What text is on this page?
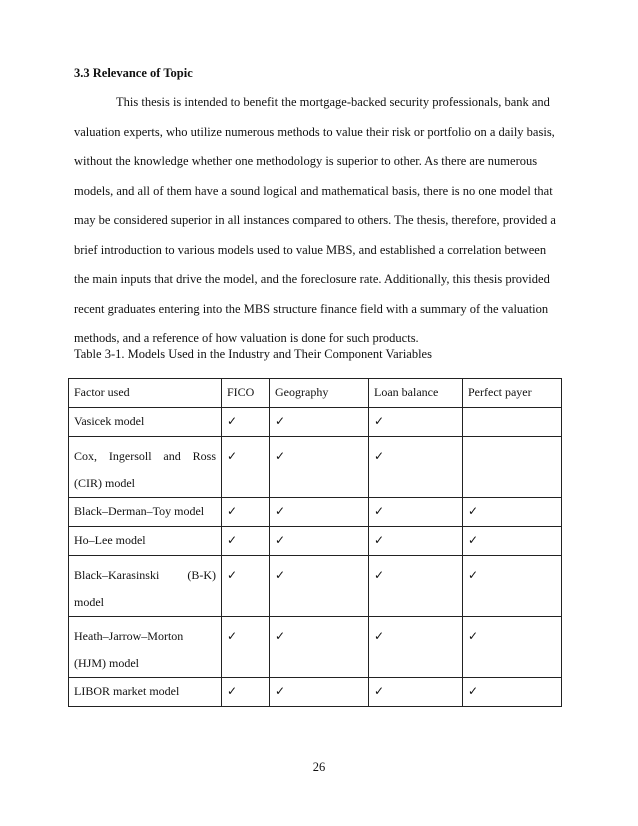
3.3 Relevance of Topic

This thesis is intended to benefit the mortgage-backed security professionals, bank and
valuation experts, who utilize numerous methods to value their risk or portfolio on a daily basis,
without the knowledge whether one methodology is superior to other. As there are numerous
models, and all of them have a sound logical and mathematical basis, there is no one model that
may be considered superior in all instances compared to others. The thesis, therefore, provided a
brief introduction to various models used to value MBS, and established a correlation between
the main inputs that drive the model, and the foreclosure rate. Additionally, this thesis provided
recent graduates entering into the MBS structure finance field with a summary of the valuation
methods, and a reference of how valuation is done for such products.

Table 3-1. Models Used in the Industry and Their Component Variables
Factor used	FICO	Geography	Loan balance	Perfect payer

Vasicek model	✓	✓	✓	

Cox, Ingersoll and Ross
(CIR) model	✓	✓	✓	

Black–Derman–Toy model	✓	✓	✓	✓

Ho–Lee model	✓	✓	✓	✓

Black–Karasinski (B-K)
model	✓	✓	✓	✓

Heath–Jarrow–Morton
(HJM) model	✓	✓	✓	✓

LIBOR market model	✓	✓	✓	✓
26
